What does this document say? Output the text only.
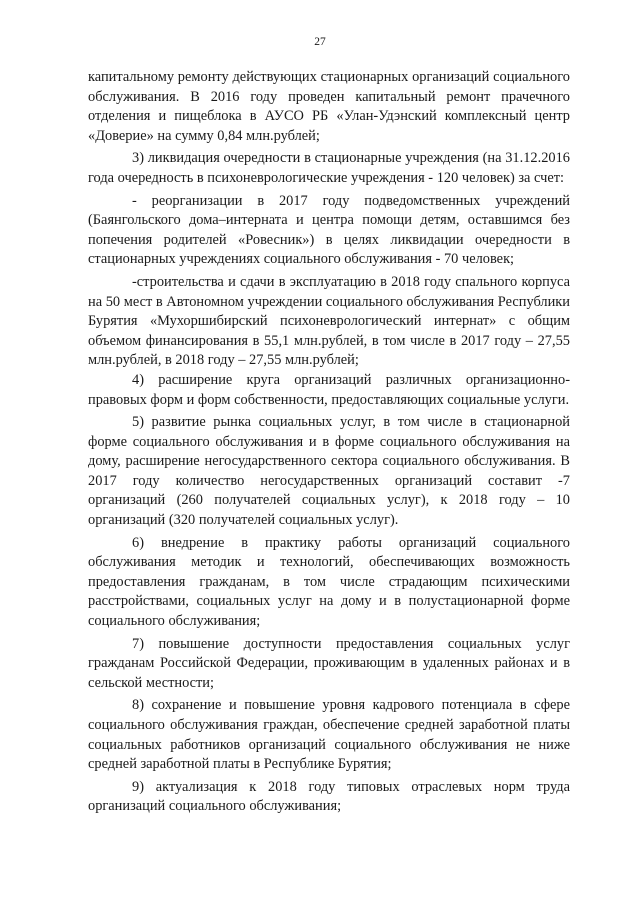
27

капитальному ремонту действующих стационарных организаций социального обслуживания. В 2016 году проведен капитальный ремонт прачечного отделения и пищеблока в АУСО РБ «Улан-Удэнский комплексный центр «Доверие» на сумму 0,84 млн.рублей;

3) ликвидация очередности в стационарные учреждения (на 31.12.2016 года очередность в психоневрологические учреждения - 120 человек) за счет:

- реорганизации в 2017 году подведомственных учреждений (Баянгольского дома–интерната и центра помощи детям, оставшимся без попечения родителей «Ровесник») в целях ликвидации очередности в стационарных учреждениях социального обслуживания - 70 человек;

-строительства и сдачи в эксплуатацию в 2018 году спального корпуса на 50 мест в Автономном учреждении социального обслуживания Республики Бурятия «Мухоршибирский психоневрологический интернат» с общим объемом финансирования в 55,1 млн.рублей, в том числе в 2017 году – 27,55 млн.рублей, в 2018 году – 27,55 млн.рублей;

4) расширение круга организаций различных организационно-правовых форм и форм собственности, предоставляющих социальные услуги.

5) развитие рынка социальных услуг, в том числе в стационарной форме социального обслуживания и в форме социального обслуживания на дому, расширение негосударственного сектора социального обслуживания. В 2017 году количество негосударственных организаций составит -7 организаций (260 получателей социальных услуг), к 2018 году – 10 организаций (320 получателей социальных услуг).

6) внедрение в практику работы организаций социального обслуживания методик и технологий, обеспечивающих возможность предоставления гражданам, в том числе страдающим психическими расстройствами, социальных услуг на дому и в полустационарной форме социального обслуживания;

7) повышение доступности предоставления социальных услуг гражданам Российской Федерации, проживающим в удаленных районах и в сельской местности;

8) сохранение и повышение уровня кадрового потенциала в сфере социального обслуживания граждан, обеспечение средней заработной платы социальных работников организаций социального обслуживания не ниже средней заработной платы в Республике Бурятия;

9) актуализация к 2018 году типовых отраслевых норм труда организаций социального обслуживания;
